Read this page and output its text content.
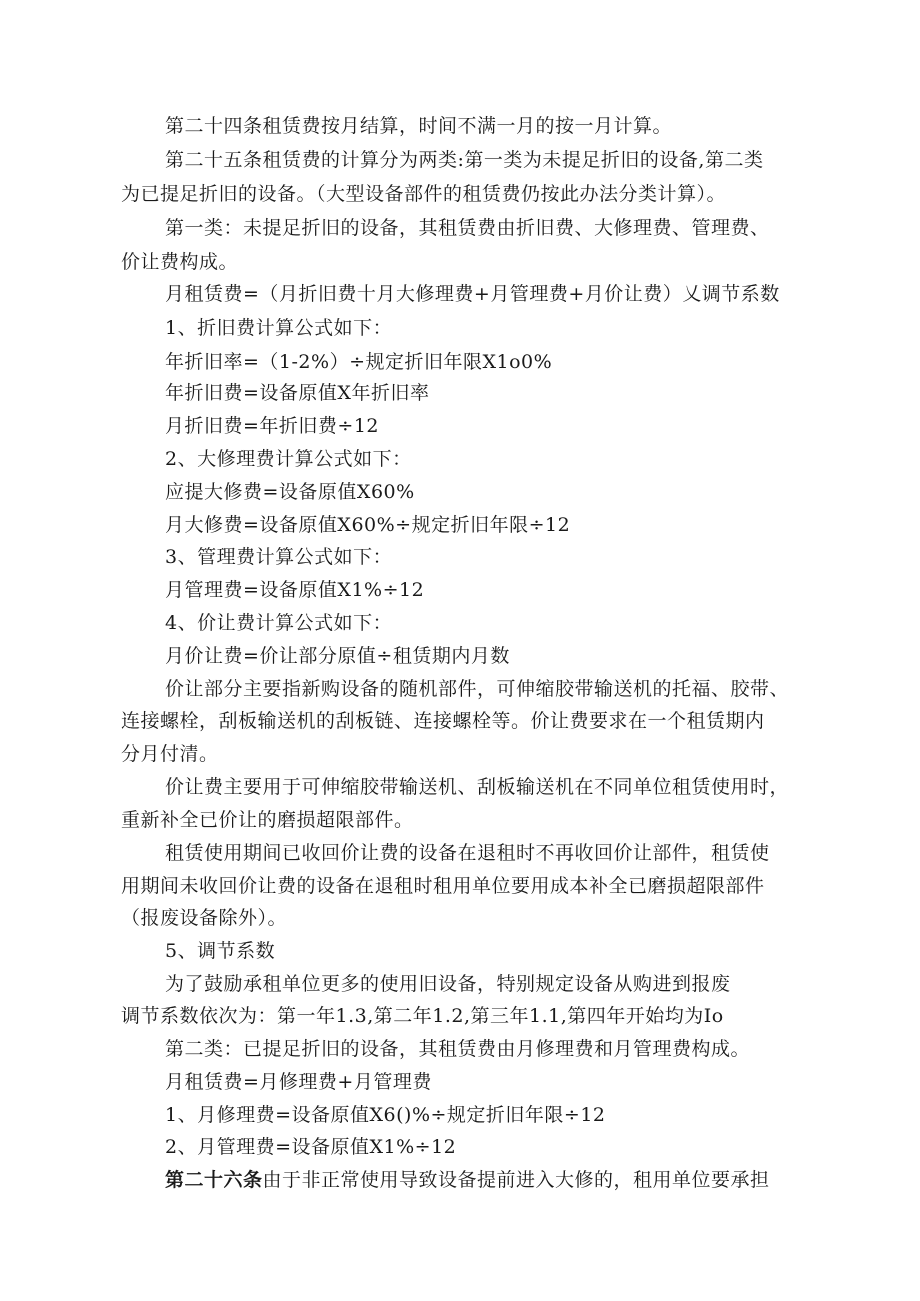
第二十四条租赁费按月结算，时间不满一月的按一月计算。

第二十五条租赁费的计算分为两类:第一类为未提足折旧的设备,第二类

为已提足折旧的设备。（大型设备部件的租赁费仍按此办法分类计算）。

第一类：未提足折旧的设备，其租赁费由折旧费、大修理费、管理费、

价让费构成。

月租赁费=（月折旧费十月大修理费+月管理费+月价让费）乂调节系数

1、折旧费计算公式如下：

年折旧率=（1-2%）÷规定折旧年限X1o0%

年折旧费=设备原值X年折旧率

月折旧费=年折旧费÷12

2、大修理费计算公式如下：

应提大修费=设备原值X60%

月大修费=设备原值X60%÷规定折旧年限÷12

3、管理费计算公式如下：

月管理费=设备原值X1%÷12

4、价让费计算公式如下：

月价让费=价让部分原值÷租赁期内月数

价让部分主要指新购设备的随机部件，可伸缩胶带输送机的托福、胶带、

连接螺栓，刮板输送机的刮板链、连接螺栓等。价让费要求在一个租赁期内

分月付清。

价让费主要用于可伸缩胶带输送机、刮板输送机在不同单位租赁使用时，

重新补全已价让的磨损超限部件。

租赁使用期间已收回价让费的设备在退租时不再收回价让部件，租赁使

用期间未收回价让费的设备在退租时租用单位要用成本补全已磨损超限部件

（报废设备除外）。

5、调节系数

为了鼓励承租单位更多的使用旧设备，特别规定设备从购进到报废

调节系数依次为：第一年1.3,第二年1.2,第三年1.1,第四年开始均为Io

第二类：已提足折旧的设备，其租赁费由月修理费和月管理费构成。

月租赁费=月修理费+月管理费

1、月修理费=设备原值X6()%÷规定折旧年限÷12

2、月管理费=设备原值X1%÷12

第二十六条由于非正常使用导致设备提前进入大修的，租用单位要承担
